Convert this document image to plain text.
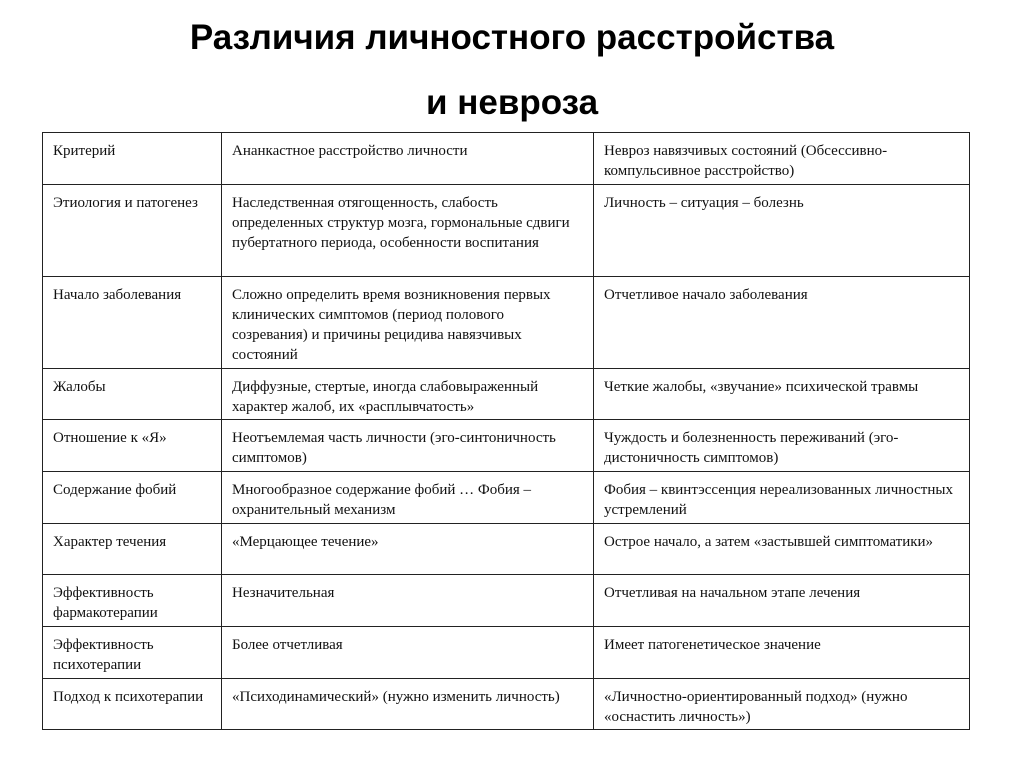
Различия личностного расстройства
и невроза
Критерий	Ананкастное расстройство личности	Невроз навязчивых состояний (Обсессивно-компульсивное расстройство)
Этиология и патогенез	Наследственная отягощенность, слабость определенных структур мозга, гормональные сдвиги пубертатного периода, особенности воспитания	Личность – ситуация – болезнь
Начало заболевания	Сложно определить время возникновения первых клинических симптомов (период полового созревания) и причины рецидива навязчивых состояний	Отчетливое начало заболевания
Жалобы	Диффузные, стертые, иногда слабовыраженный характер жалоб, их «расплывчатость»	Четкие жалобы, «звучание» психической травмы
Отношение к «Я»	Неотъемлемая часть личности (эго-синтоничность симптомов)	Чуждость и болезненность переживаний (эго-дистоничность симптомов)
Содержание фобий	Многообразное содержание фобий … Фобия – охранительный механизм	Фобия – квинтэссенция нереализованных личностных устремлений
Характер течения	«Мерцающее течение»	Острое начало, а затем «застывшей симптоматики»
Эффективность фармакотерапии	Незначительная	Отчетливая на начальном этапе лечения
Эффективность психотерапии	Более отчетливая	Имеет патогенетическое значение
Подход к психотерапии	«Психодинамический» (нужно изменить личность)	«Личностно-ориентированный подход» (нужно «оснастить личность»)
